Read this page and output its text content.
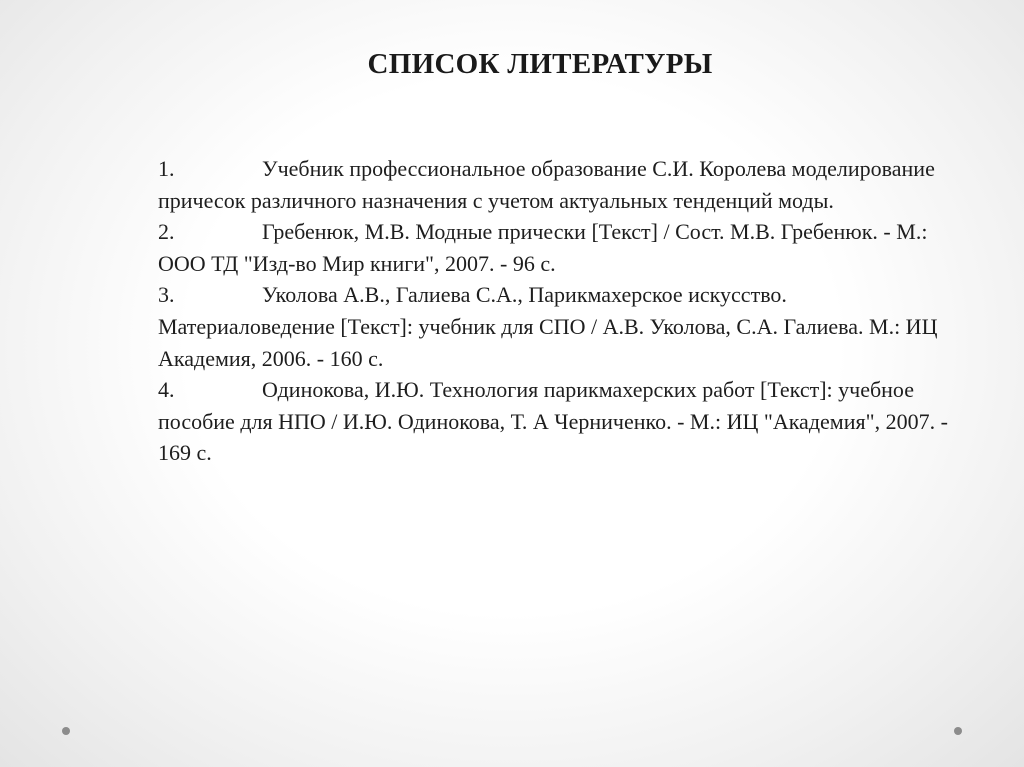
СПИСОК ЛИТЕРАТУРЫ

1.	Учебник профессиональное образование С.И. Королева моделирование причесок различного назначения с учетом актуальных тенденций моды.

2.	Гребенюк, М.В. Модные прически [Текст] / Сост. М.В. Гребенюк. - М.: ООО ТД "Изд-во Мир книги", 2007. - 96 с.

3.	Уколова А.В., Галиева С.А., Парикмахерское искусство. Материаловедение [Текст]: учебник для СПО / А.В. Уколова, С.А. Галиева. М.: ИЦ Академия, 2006. - 160 с.

4.	Одинокова, И.Ю. Технология парикмахерских работ [Текст]: учебное пособие для НПО / И.Ю. Одинокова, Т. А Черниченко. - М.: ИЦ "Академия", 2007. - 169 с.
